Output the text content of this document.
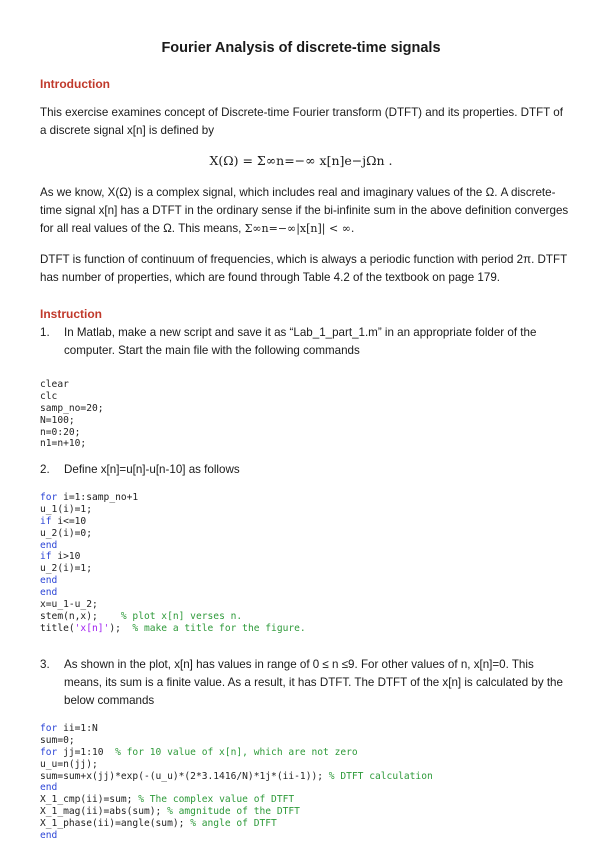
Fourier Analysis of discrete-time signals
Introduction

This exercise examines concept of Discrete-time Fourier transform (DTFT) and its properties. DTFT of a discrete signal x[n] is defined by

X(Ω) = Σ∞n=−∞ x[n]e−jΩn .

As we know, X(Ω) is a complex signal, which includes real and imaginary values of the Ω. A discrete-time signal x[n] has a DTFT in the ordinary sense if the bi-infinite sum in the above definition converges for all real values of the Ω. This means, Σ∞n=−∞|x[n]| < ∞.

DTFT is function of continuum of frequencies, which is always a periodic function with period 2π. DTFT has number of properties, which are found through Table 4.2 of the textbook on page 179.

Instruction
1. In Matlab, make a new script and save it as “Lab_1_part_1.m” in an appropriate folder of the computer. Start the main file with the following commands
clear
clc
samp_no=20;
N=100;
n=0:20;
n1=n+10;
2. Define x[n]=u[n]-u[n-10] as follows
for i=1:samp_no+1
u_1(i)=1;
if i<=10
u_2(i)=0;
end
if i>10
u_2(i)=1;
end
end
x=u_1-u_2;
stem(n,x);    % plot x[n] verses n.
title('x[n]');  % make a title for the figure.
3. As shown in the plot, x[n] has values in range of 0 ≤ n ≤9. For other values of n, x[n]=0. This means, its sum is a finite value. As a result, it has DTFT. The DTFT of the x[n] is calculated by the below commands
for ii=1:N
sum=0;
for jj=1:10  % for 10 value of x[n], which are not zero
u_u=n(jj);
sum=sum+x(jj)*exp(-(u_u)*(2*3.1416/N)*1j*(ii-1)); % DTFT calculation
end
X_1_cmp(ii)=sum; % The complex value of DTFT
X_1_mag(ii)=abs(sum); % amgnitude of the DTFT
X_1_phase(ii)=angle(sum); % angle of DTFT
end
